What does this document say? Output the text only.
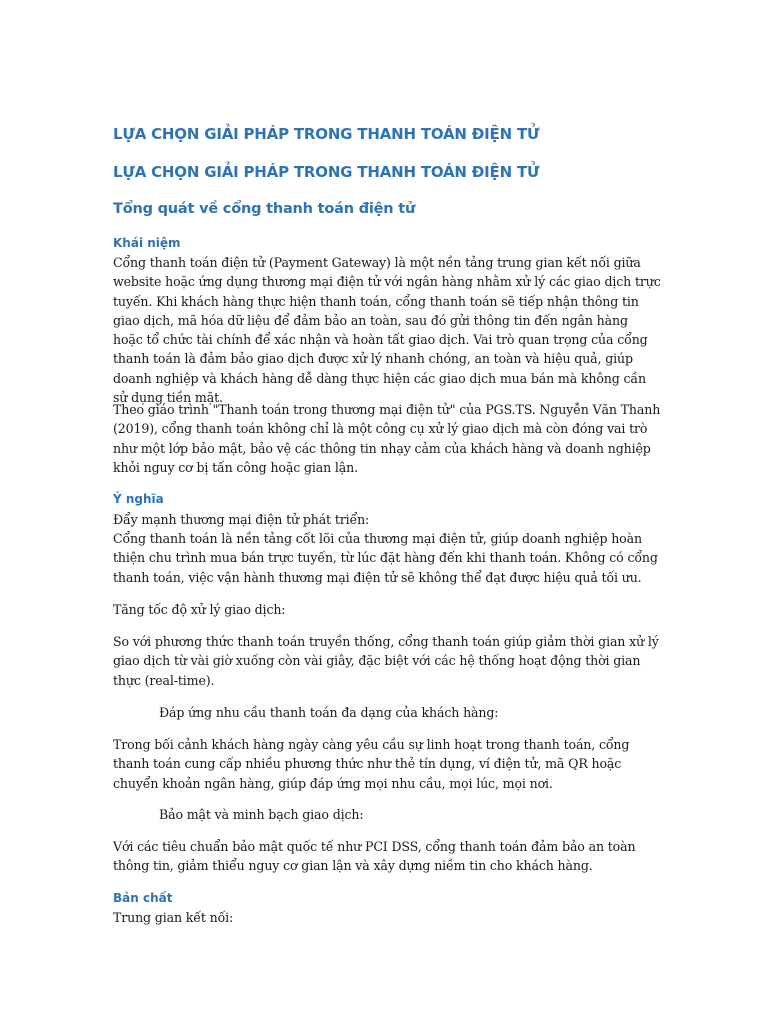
LỰA CHỌN GIẢI PHÁP TRONG THANH TOÁN ĐIỆN TỬ
LỰA CHỌN GIẢI PHÁP TRONG THANH TOÁN ĐIỆN TỬ
Tổng quát về cổng thanh toán điện tử
Khái niệm

Cổng thanh toán điện tử (Payment Gateway) là một nền tảng trung gian kết nối giữa website hoặc ứng dụng thương mại điện tử với ngân hàng nhằm xử lý các giao dịch trực tuyến. Khi khách hàng thực hiện thanh toán, cổng thanh toán sẽ tiếp nhận thông tin giao dịch, mã hóa dữ liệu để đảm bảo an toàn, sau đó gửi thông tin đến ngân hàng hoặc tổ chức tài chính để xác nhận và hoàn tất giao dịch. Vai trò quan trọng của cổng thanh toán là đảm bảo giao dịch được xử lý nhanh chóng, an toàn và hiệu quả, giúp doanh nghiệp và khách hàng dễ dàng thực hiện các giao dịch mua bán mà không cần sử dụng tiền mặt.

Theo giáo trình "Thanh toán trong thương mại điện tử" của PGS.TS. Nguyễn Văn Thanh (2019), cổng thanh toán không chỉ là một công cụ xử lý giao dịch mà còn đóng vai trò như một lớp bảo mật, bảo vệ các thông tin nhạy cảm của khách hàng và doanh nghiệp khỏi nguy cơ bị tấn công hoặc gian lận.

Ý nghĩa

Đẩy mạnh thương mại điện tử phát triển:

Cổng thanh toán là nền tảng cốt lõi của thương mại điện tử, giúp doanh nghiệp hoàn thiện chu trình mua bán trực tuyến, từ lúc đặt hàng đến khi thanh toán. Không có cổng thanh toán, việc vận hành thương mại điện tử sẽ không thể đạt được hiệu quả tối ưu.

Tăng tốc độ xử lý giao dịch:

So với phương thức thanh toán truyền thống, cổng thanh toán giúp giảm thời gian xử lý giao dịch từ vài giờ xuống còn vài giây, đặc biệt với các hệ thống hoạt động thời gian thực (real-time).

Đáp ứng nhu cầu thanh toán đa dạng của khách hàng:

Trong bối cảnh khách hàng ngày càng yêu cầu sự linh hoạt trong thanh toán, cổng thanh toán cung cấp nhiều phương thức như thẻ tín dụng, ví điện tử, mã QR hoặc chuyển khoản ngân hàng, giúp đáp ứng mọi nhu cầu, mọi lúc, mọi nơi.

Bảo mật và minh bạch giao dịch:

Với các tiêu chuẩn bảo mật quốc tế như PCI DSS, cổng thanh toán đảm bảo an toàn thông tin, giảm thiểu nguy cơ gian lận và xây dựng niềm tin cho khách hàng.

Bản chất

Trung gian kết nối:
